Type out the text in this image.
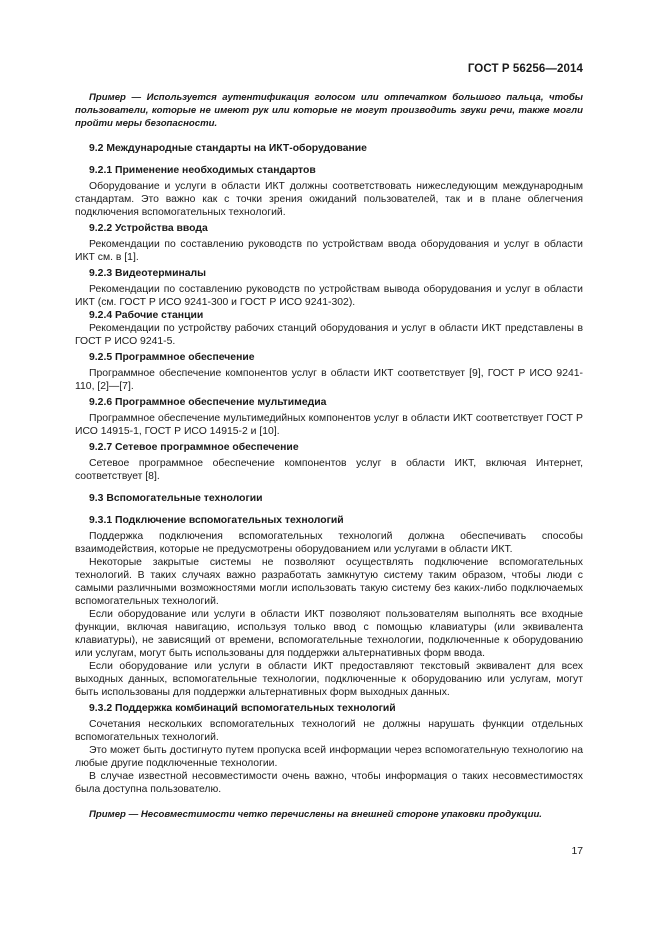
ГОСТ Р 56256—2014

Пример — Используется аутентификация голосом или отпечатком большого пальца, чтобы пользователи, которые не имеют рук или которые не могут производить звуки речи, также могли пройти меры безопасности.

9.2 Международные стандарты на ИКТ-оборудование
9.2.1 Применение необходимых стандартов

Оборудование и услуги в области ИКТ должны соответствовать нижеследующим международным стандартам. Это важно как с точки зрения ожиданий пользователей, так и в плане облегчения подключения вспомогательных технологий.

9.2.2 Устройства ввода

Рекомендации по составлению руководств по устройствам ввода оборудования и услуг в области ИКТ см. в [1].

9.2.3 Видеотерминалы

Рекомендации по составлению руководств по устройствам вывода оборудования и услуг в области ИКТ (см. ГОСТ Р ИСО 9241-300 и ГОСТ Р ИСО 9241-302).

9.2.4 Рабочие станции

Рекомендации по устройству рабочих станций оборудования и услуг в области ИКТ представлены в ГОСТ Р ИСО 9241-5.

9.2.5 Программное обеспечение

Программное обеспечение компонентов услуг в области ИКТ соответствует [9], ГОСТ Р ИСО 9241-110, [2]—[7].

9.2.6 Программное обеспечение мультимедиа

Программное обеспечение мультимедийных компонентов услуг в области ИКТ соответствует ГОСТ Р ИСО 14915-1, ГОСТ Р ИСО 14915-2 и [10].

9.2.7 Сетевое программное обеспечение

Сетевое программное обеспечение компонентов услуг в области ИКТ, включая Интернет, соответствует [8].

9.3 Вспомогательные технологии
9.3.1 Подключение вспомогательных технологий

Поддержка подключения вспомогательных технологий должна обеспечивать способы взаимодействия, которые не предусмотрены оборудованием или услугами в области ИКТ.

Некоторые закрытые системы не позволяют осуществлять подключение вспомогательных технологий. В таких случаях важно разработать замкнутую систему таким образом, чтобы люди с самыми различными возможностями могли использовать такую систему без каких-либо подключаемых вспомогательных технологий.

Если оборудование или услуги в области ИКТ позволяют пользователям выполнять все входные функции, включая навигацию, используя только ввод с помощью клавиатуры (или эквивалента клавиатуры), не зависящий от времени, вспомогательные технологии, подключенные к оборудованию или услугам, могут быть использованы для поддержки альтернативных форм ввода.

Если оборудование или услуги в области ИКТ предоставляют текстовый эквивалент для всех выходных данных, вспомогательные технологии, подключенные к оборудованию или услугам, могут быть использованы для поддержки альтернативных форм выходных данных.

9.3.2 Поддержка комбинаций вспомогательных технологий

Сочетания нескольких вспомогательных технологий не должны нарушать функции отдельных вспомогательных технологий.

Это может быть достигнуто путем пропуска всей информации через вспомогательную технологию на любые другие подключенные технологии.

В случае известной несовместимости очень важно, чтобы информация о таких несовместимостях была доступна пользователю.

Пример — Несовместимости четко перечислены на внешней стороне упаковки продукции.

17
